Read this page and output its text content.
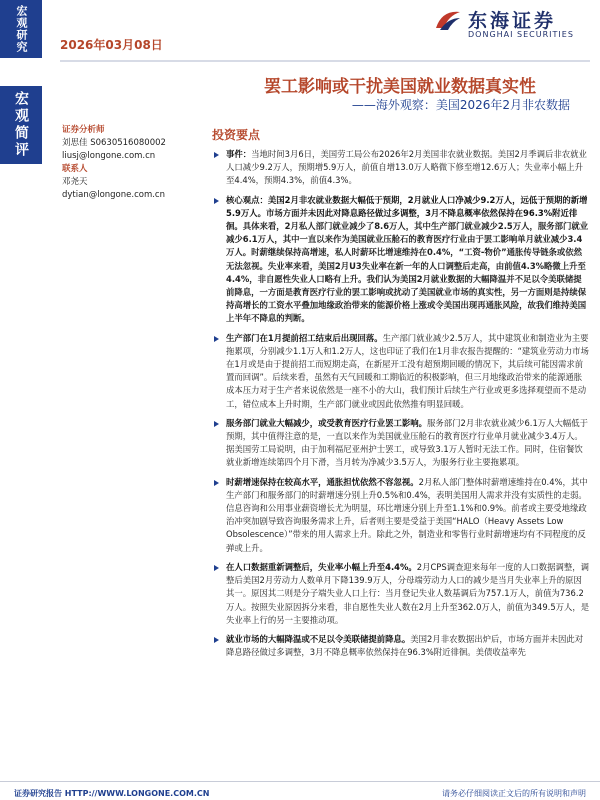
宏观研究
宏观简评
2026年03月08日
东海证券
DONGHAI SECURITIES
罢工影响或干扰美国就业数据真实性
——海外观察：美国2026年2月非农数据
证券分析师
刘思佳 S0630516080002
liusj@longone.com.cn
联系人
邓尧天
dytian@longone.com.cn
投资要点
事件：当地时间3月6日，美国劳工局公布2026年2月美国非农就业数据。美国2月季调后非农就业人口减少9.2万人，预期增5.9万人，前值自增13.0万人略微下修至增12.6万人；失业率小幅上升至4.4%，预期4.3%，前值4.3%。
核心观点：美国2月非农就业数据大幅低于预期，2月就业人口净减少9.2万人，远低于预期的新增5.9万人。市场方面并未因此对降息路径做过多调整，3月不降息概率依然保持在96.3%附近徘徊。具体来看，2月私人部门就业减少了8.6万人，其中生产部门就业减少2.5万人，服务部门就业减少6.1万人，其中一直以来作为美国就业压舱石的教育医疗行业由于罢工影响单月就业减少3.4万人。时薪继续保持高增速，私人时薪环比增速维持在0.4%，“工资-物价”通胀传导链条或依然无法忽视。失业率来看，美国2月U3失业率在新一年的人口调整后走高，由前值4.3%略微上升至4.4%，非自愿性失业人口略有上升。我们认为美国2月就业数据的大幅降温并不足以令美联储提前降息，一方面是教育医疗行业的罢工影响或扰动了美国就业市场的真实性，另一方面则是持续保持高增长的工资水平叠加地缘政治带来的能源价格上涨或令美国出现再通胀风险，故我们维持美国上半年不降息的判断。
生产部门在1月提前招工结束后出现回落。生产部门就业减少2.5万人，其中建筑业和制造业为主要拖累项，分别减少1.1万人和1.2万人，这也印证了我们在1月非农报告提醒的：“建筑业劳动力市场在1月或是由于提前招工而短期走高，在新屋开工没有超预期回暖的情况下，其后续可能因需求前置而回调”。后续来看，虽然有天气回暖和工期临近的积极影响，但三月地缘政治带来的能源通胀成本压力对于生产者来说依然是一座不小的大山，我们预计后续生产行业或更多选择观望而不是动工，错位成本上升时期，生产部门就业或因此依然推有明显回暖。
服务部门就业大幅减少，或受教育医疗行业罢工影响。服务部门2月非农就业减少6.1万人大幅低于预期，其中值得注意的是，一直以来作为美国就业压舱石的教育医疗行业单月就业减少3.4万人。据美国劳工局说明，由于加利福尼亚州护士罢工，或导致3.1万人暂时无法工作。同时，住宿餐饮就业新增连续第四个月下滑，当月转为净减少3.5万人，为服务行业主要拖累项。
时薪增速保持在较高水平，通胀担忧依然不容忽视。2月私人部门整体时薪增速维持在0.4%，其中生产部门和服务部门的时薪增速分别上升0.5%和0.4%，表明美国用人需求并没有实质性的走弱。信息咨询和公用事业薪资增长尤为明显，环比增速分别上升至1.1%和0.9%。前者或主要受地缘政治冲突加剧导致咨询服务需求上升，后者则主要是受益于美国“HALO（Heavy Assets Low Obsolescence）”带来的用人需求上升。除此之外，制造业和零售行业时薪增速均有不同程度的反弹或上升。
在人口数据重新调整后，失业率小幅上升至4.4%。2月CPS调查迎来每年一度的人口数据调整，调整后美国2月劳动力人数单月下降139.9万人，分母端劳动力人口的减少是当月失业率上升的原因其一。原因其二则是分子端失业人口上行：当月登记失业人数基调后为757.1万人，前值为736.2万人。按照失业原因拆分来看，非自愿性失业人数在2月上升至362.0万人，前值为349.5万人，是失业率上行的另一主要推动项。
就业市场的大幅降温或不足以令美联储提前降息。美国2月非农数据出炉后，市场方面并未因此对降息路径做过多调整，3月不降息概率依然保持在96.3%附近徘徊。美债收益率先
证券研究报告 HTTP://WWW.LONGONE.COM.CN	请务必仔细阅读正文后的所有说明和声明
